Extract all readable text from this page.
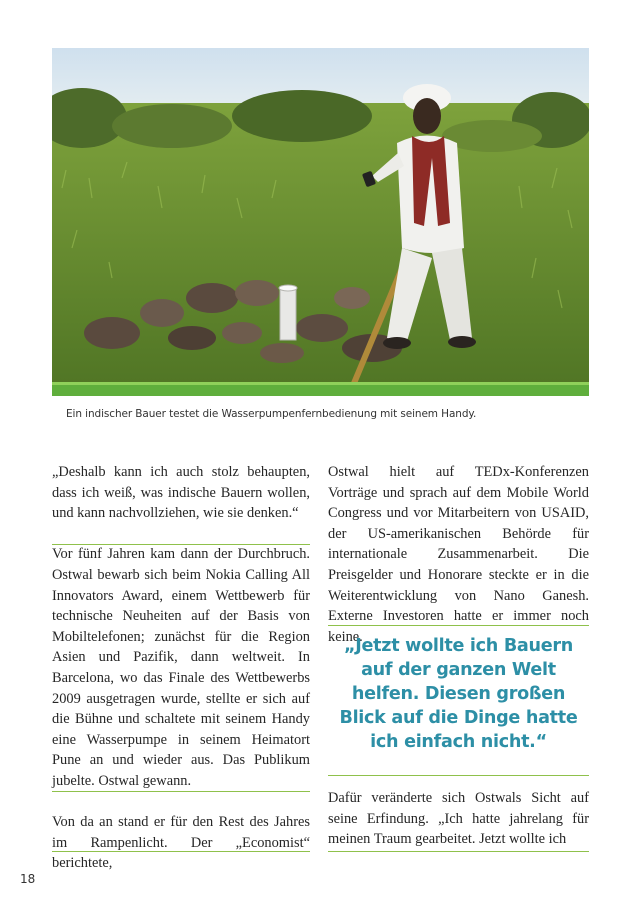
Ein indischer Bauer testet die Wasserpumpenfernbedienung mit seinem Handy.

„Deshalb kann ich auch stolz behaupten, dass ich weiß, was indische Bauern wollen, und kann nachvollziehen, wie sie denken.“

Vor fünf Jahren kam dann der Durchbruch. Ostwal bewarb sich beim Nokia Calling All Innovators Award, einem Wettbewerb für technische Neuheiten auf der Basis von Mobiltelefonen; zunächst für die Region Asien und Pazifik, dann weltweit. In Barcelona, wo das Finale des Wettbewerbs 2009 ausgetragen wurde, stellte er sich auf die Bühne und schaltete mit seinem Handy eine Wasserpumpe in seinem Heimatort Pune an und wieder aus. Das Publikum jubelte. Ostwal gewann.

Von da an stand er für den Rest des Jahres im Rampenlicht. Der „Economist“ berichtete,

Ostwal hielt auf TEDx-Konferenzen Vorträge und sprach auf dem Mobile World Congress und vor Mitarbeitern von USAID, der US-amerikanischen Behörde für internationale Zusammenarbeit. Die Preisgelder und Honorare steckte er in die Weiterentwicklung von Nano Ganesh. Externe Investoren hatte er immer noch keine.

„Jetzt wollte ich Bauern auf der ganzen Welt helfen. Diesen großen Blick auf die Dinge hatte ich einfach nicht.“

Dafür veränderte sich Ostwals Sicht auf seine Erfindung. „Ich hatte jahrelang für meinen Traum gearbeitet. Jetzt wollte ich

18
